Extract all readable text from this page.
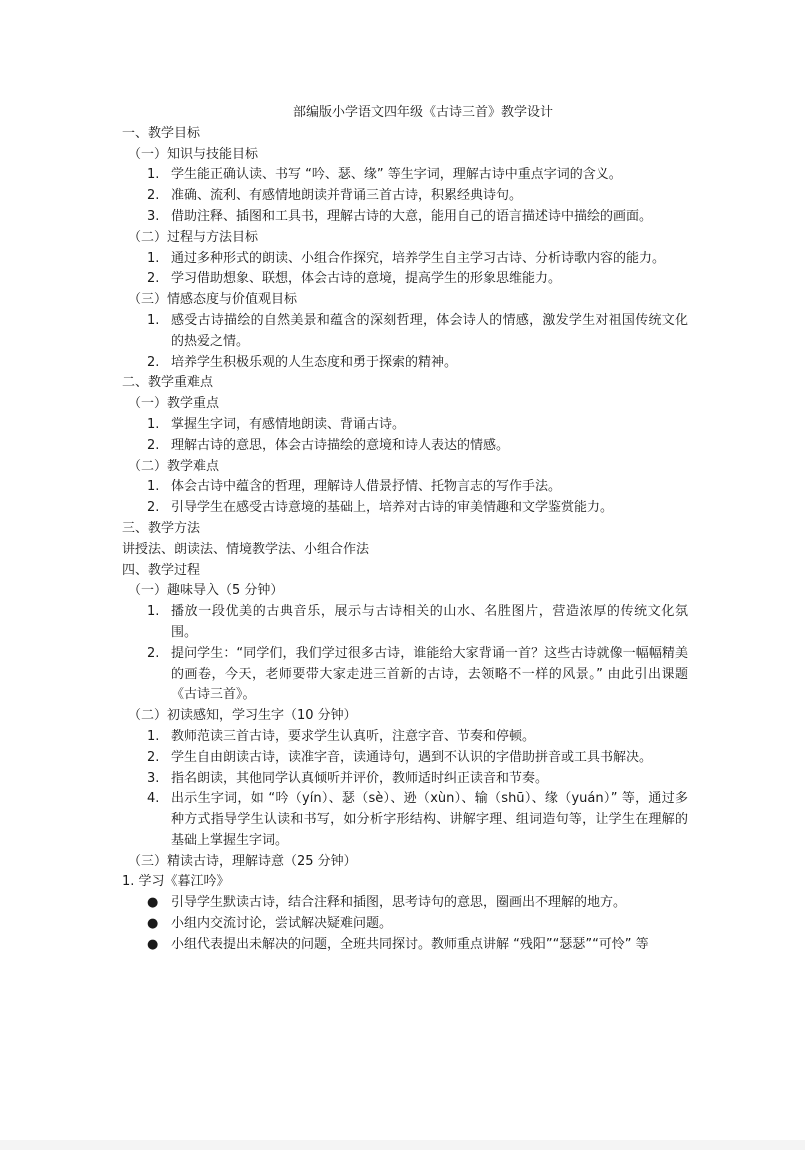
部编版小学语文四年级《古诗三首》教学设计
一、教学目标
（一）知识与技能目标
1. 学生能正确认读、书写 “吟、瑟、缘” 等生字词，理解古诗中重点字词的含义。
2. 准确、流利、有感情地朗读并背诵三首古诗，积累经典诗句。
3. 借助注释、插图和工具书，理解古诗的大意，能用自己的语言描述诗中描绘的画面。
（二）过程与方法目标
1. 通过多种形式的朗读、小组合作探究，培养学生自主学习古诗、分析诗歌内容的能力。
2. 学习借助想象、联想，体会古诗的意境，提高学生的形象思维能力。
（三）情感态度与价值观目标
1. 感受古诗描绘的自然美景和蕴含的深刻哲理，体会诗人的情感，激发学生对祖国传统文化的热爱之情。
2. 培养学生积极乐观的人生态度和勇于探索的精神。
二、教学重难点
（一）教学重点
1. 掌握生字词，有感情地朗读、背诵古诗。
2. 理解古诗的意思，体会古诗描绘的意境和诗人表达的情感。
（二）教学难点
1. 体会古诗中蕴含的哲理，理解诗人借景抒情、托物言志的写作手法。
2. 引导学生在感受古诗意境的基础上，培养对古诗的审美情趣和文学鉴赏能力。
三、教学方法
讲授法、朗读法、情境教学法、小组合作法
四、教学过程
（一）趣味导入（5 分钟）
1. 播放一段优美的古典音乐，展示与古诗相关的山水、名胜图片，营造浓厚的传统文化氛围。
2. 提问学生：“同学们，我们学过很多古诗，谁能给大家背诵一首？这些古诗就像一幅幅精美的画卷，今天，老师要带大家走进三首新的古诗，去领略不一样的风景。” 由此引出课题《古诗三首》。
（二）初读感知，学习生字（10 分钟）
1. 教师范读三首古诗，要求学生认真听，注意字音、节奏和停顿。
2. 学生自由朗读古诗，读准字音，读通诗句，遇到不认识的字借助拼音或工具书解决。
3. 指名朗读，其他同学认真倾听并评价，教师适时纠正读音和节奏。
4. 出示生字词，如 “吟（yín）、瑟（sè）、逊（xùn）、输（shū）、缘（yuán）” 等，通过多种方式指导学生认读和书写，如分析字形结构、讲解字理、组词造句等，让学生在理解的基础上掌握生字词。
（三）精读古诗，理解诗意（25 分钟）
1. 学习《暮江吟》
● 引导学生默读古诗，结合注释和插图，思考诗句的意思，圈画出不理解的地方。
● 小组内交流讨论，尝试解决疑难问题。
● 小组代表提出未解决的问题，全班共同探讨。教师重点讲解 “残阳”“瑟瑟”“可怜” 等
